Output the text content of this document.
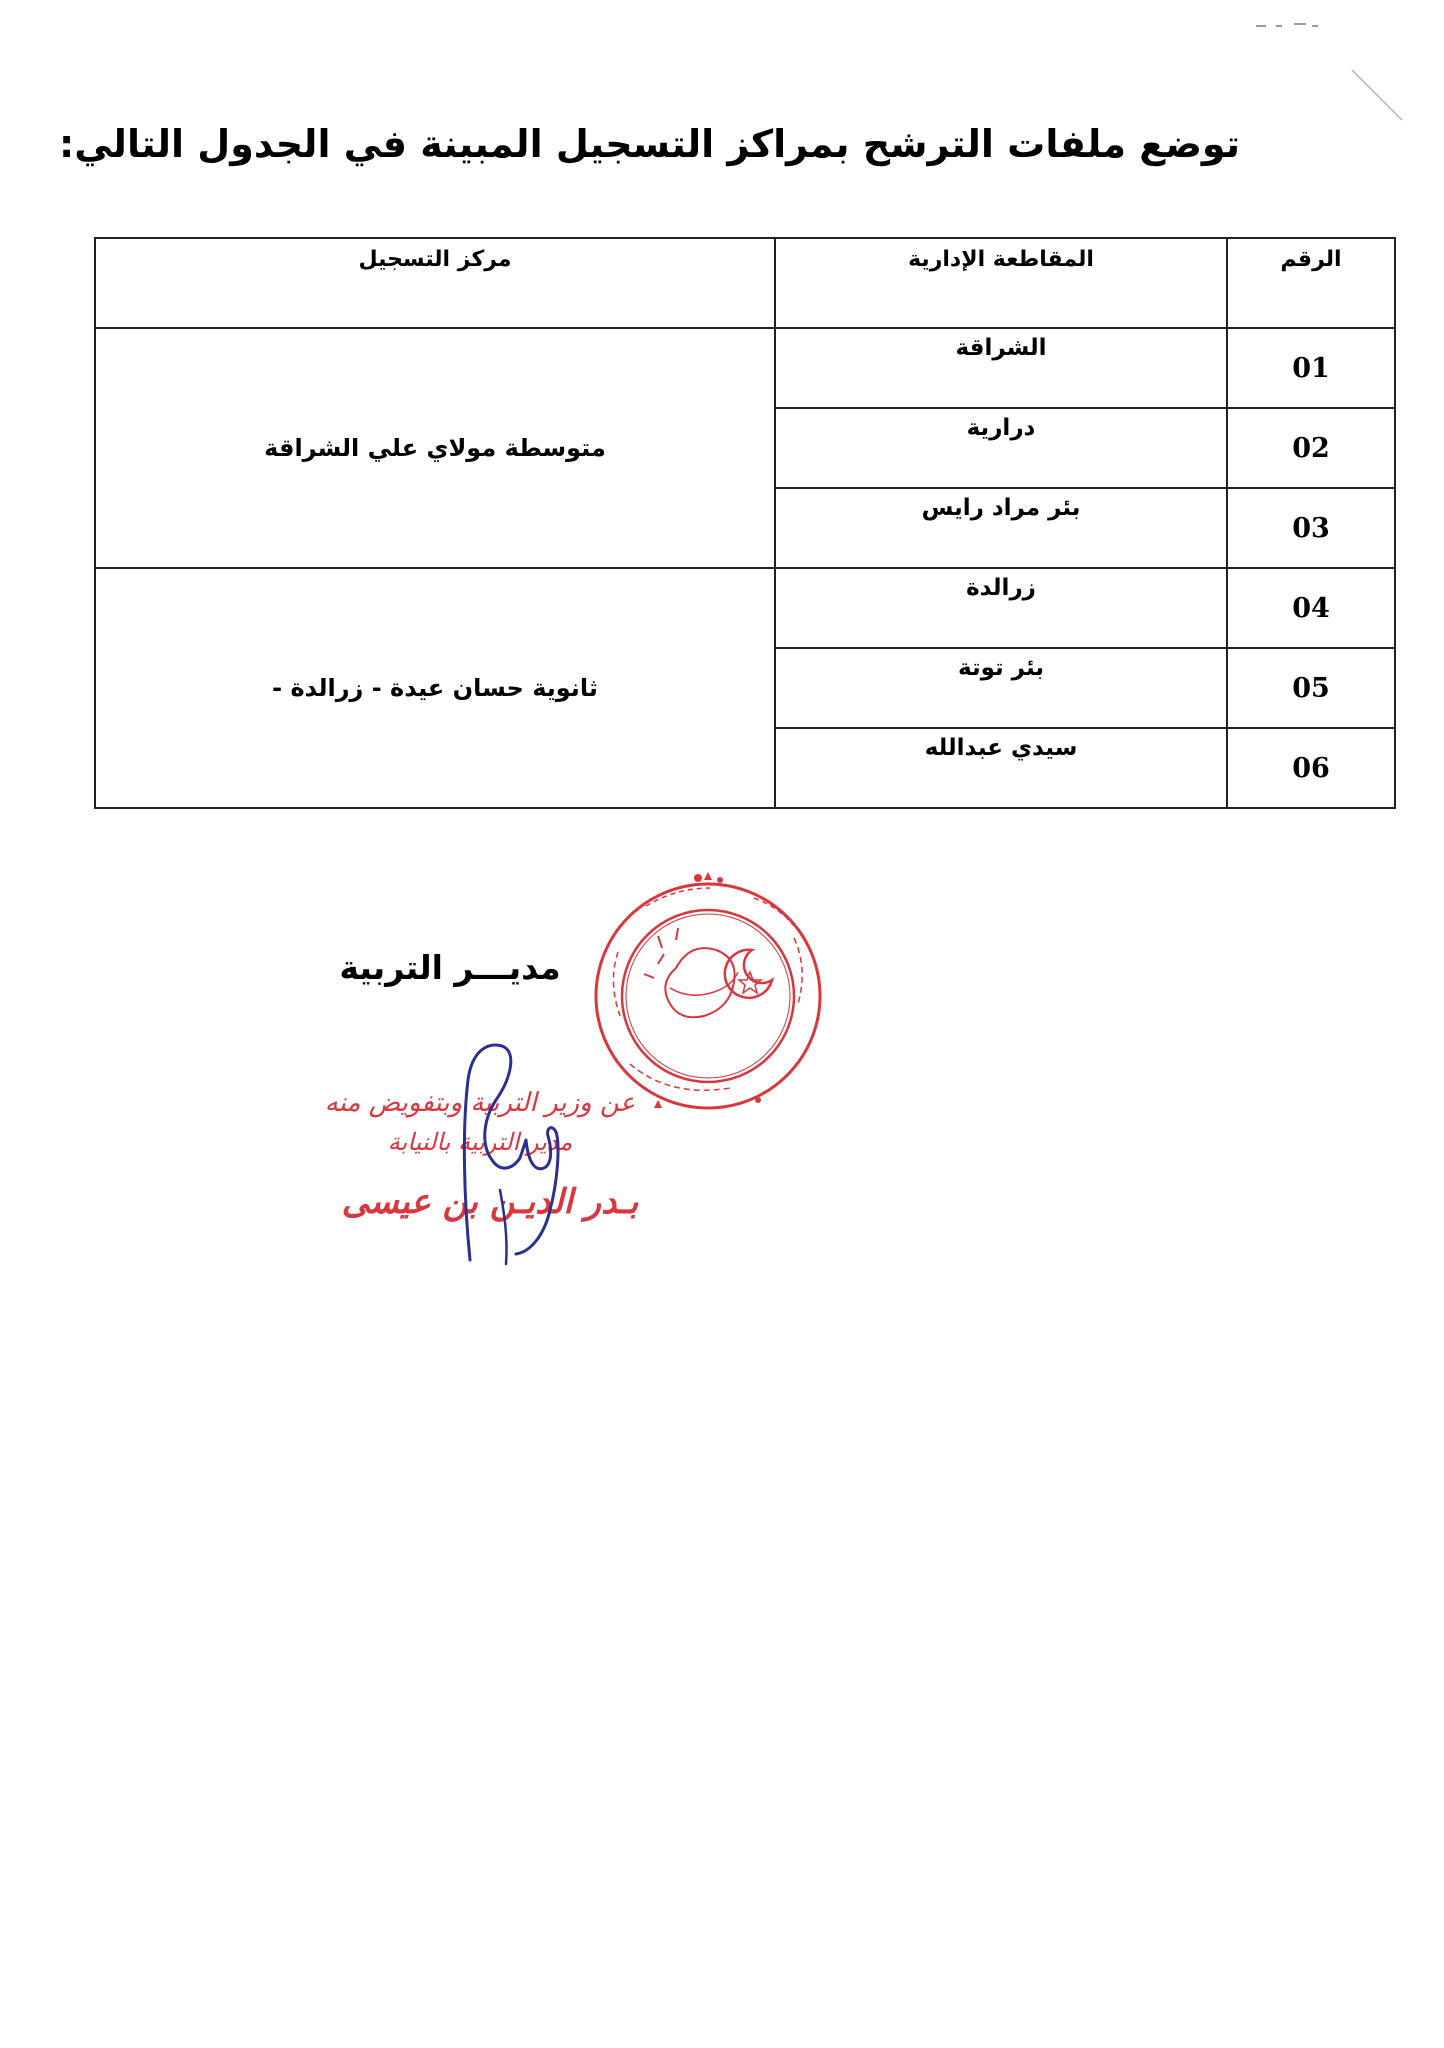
توضع ملفات الترشح بمراكز التسجيل المبينة في الجدول التالي:
الرقم	المقاطعة الإدارية	مركز التسجيل
01	الشراقة	متوسطة مولاي علي الشراقة
02	درارية	
03	بئر مراد رايس	
04	زرالدة	ثانوية حسان عيدة - زرالدة -
05	بئر توتة	
06	سيدي عبدالله	
مديـــر التربية
عن وزير التربية وبتفويض منه
مدير التربية بالنيابة
بـدر الديـن بن عيسى
